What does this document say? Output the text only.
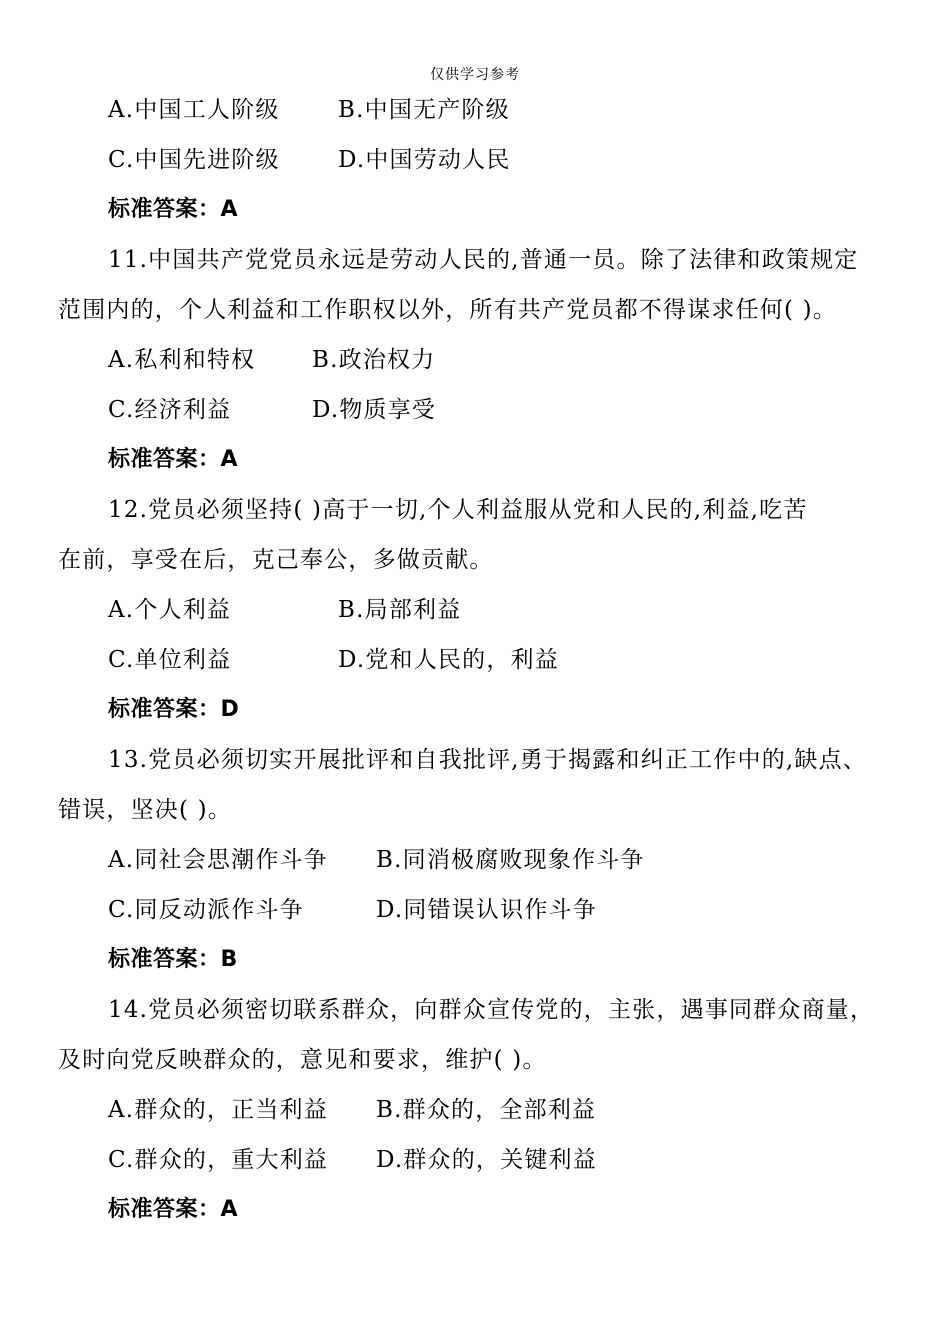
仅供学习参考
A.中国工人阶级	B.中国无产阶级
C.中国先进阶级	D.中国劳动人民
标准答案：A
11.中国共产党党员永远是劳动人民的,普通一员。除了法律和政策规定
范围内的，个人利益和工作职权以外，所有共产党员都不得谋求任何( )。
A.私利和特权 B.政治权力
C.经济利益	D.物质享受
标准答案：A
12.党员必须坚持( )高于一切,个人利益服从党和人民的,利益,吃苦
在前，享受在后，克己奉公，多做贡献。
A.个人利益	B.局部利益
C.单位利益	D.党和人民的，利益
标准答案：D
13.党员必须切实开展批评和自我批评,勇于揭露和纠正工作中的,缺点、
错误，坚决( )。
A.同社会思潮作斗争 B.同消极腐败现象作斗争
C.同反动派作斗争	D.同错误认识作斗争
标准答案：B
14.党员必须密切联系群众，向群众宣传党的，主张，遇事同群众商量，
及时向党反映群众的，意见和要求，维护( )。
A.群众的，正当利益 B.群众的，全部利益
C.群众的，重大利益 D.群众的，关键利益
标准答案：A
